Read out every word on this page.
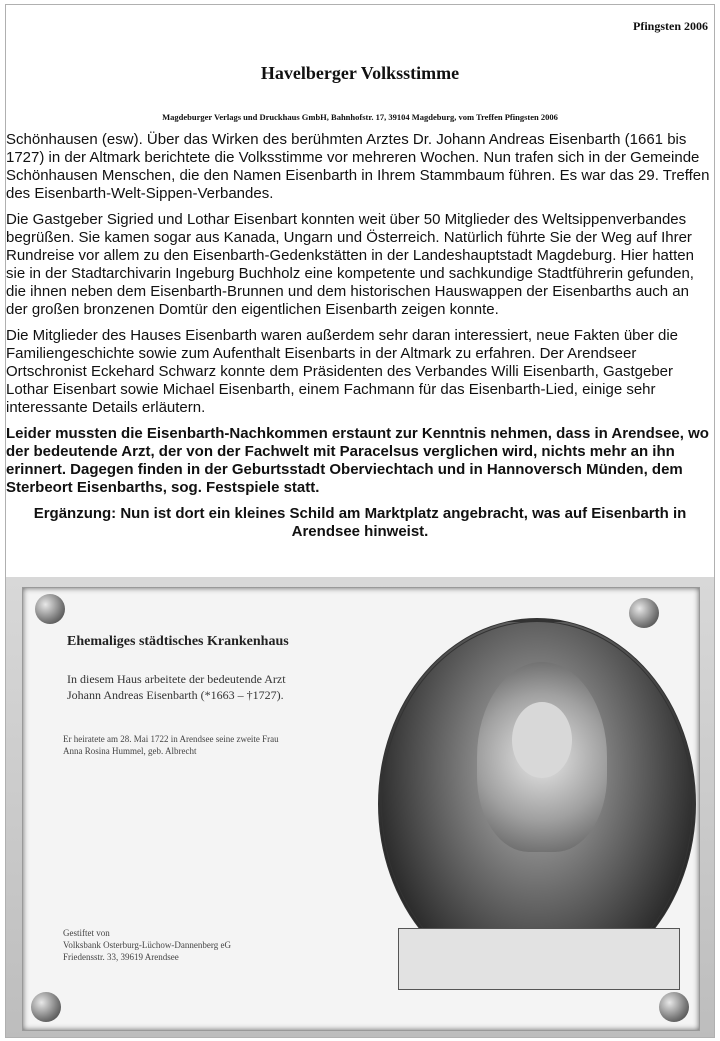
Pfingsten 2006
Havelberger Volksstimme
Magdeburger Verlags und Druckhaus GmbH, Bahnhofstr. 17, 39104 Magdeburg, vom Treffen Pfingsten 2006

Schönhausen (esw). Über das Wirken des berühmten Arztes Dr. Johann Andreas Eisenbarth (1661 bis 1727) in der Altmark berichtete die Volksstimme vor mehreren Wochen. Nun trafen sich in der Gemeinde Schönhausen Menschen, die den Namen Eisenbarth in Ihrem Stammbaum führen. Es war das 29. Treffen des Eisenbarth-Welt-Sippen-Verbandes.

Die Gastgeber Sigried und Lothar Eisenbart konnten weit über 50 Mitglieder des Weltsippenverbandes begrüßen. Sie kamen sogar aus Kanada, Ungarn und Österreich. Natürlich führte Sie der Weg auf Ihrer Rundreise vor allem zu den Eisenbarth-Gedenkstätten in der Landeshauptstadt Magdeburg. Hier hatten sie in der Stadtarchivarin Ingeburg Buchholz eine kompetente und sachkundige Stadtführerin gefunden, die ihnen neben dem Eisenbarth-Brunnen und dem historischen Hauswappen der Eisenbarths auch an der großen bronzenen Domtür den eigentlichen Eisenbarth zeigen konnte.

Die Mitglieder des Hauses Eisenbarth waren außerdem sehr daran interessiert, neue Fakten über die Familiengeschichte sowie zum Aufenthalt Eisenbarts in der Altmark zu erfahren. Der Arendseer Ortschronist Eckehard Schwarz konnte dem Präsidenten des Verbandes Willi Eisenbarth, Gastgeber Lothar Eisenbart sowie Michael Eisenbarth, einem Fachmann für das Eisenbarth-Lied, einige sehr interessante Details erläutern.

Leider mussten die Eisenbarth-Nachkommen erstaunt zur Kenntnis nehmen, dass in Arendsee, wo der bedeutende Arzt, der von der Fachwelt mit Paracelsus verglichen wird, nichts mehr an ihn erinnert. Dagegen finden in der Geburtsstadt Oberviechtach und in Hannoversch Münden, dem Sterbeort Eisenbarths, sog. Festspiele statt.

Ergänzung: Nun ist dort ein kleines Schild am Marktplatz angebracht, was auf Eisenbarth in Arendsee hinweist.

Ehemaliges städtisches Krankenhaus
In diesem Haus arbeitete der bedeutende Arzt
Johann Andreas Eisenbarth (*1663 – †1727).
Er heiratete am 28. Mai 1722 in Arendsee seine zweite Frau
Anna Rosina Hummel, geb. Albrecht
Gestiftet von
Volksbank Osterburg-Lüchow-Dannenberg eG
Friedensstr. 33, 39619 Arendsee
